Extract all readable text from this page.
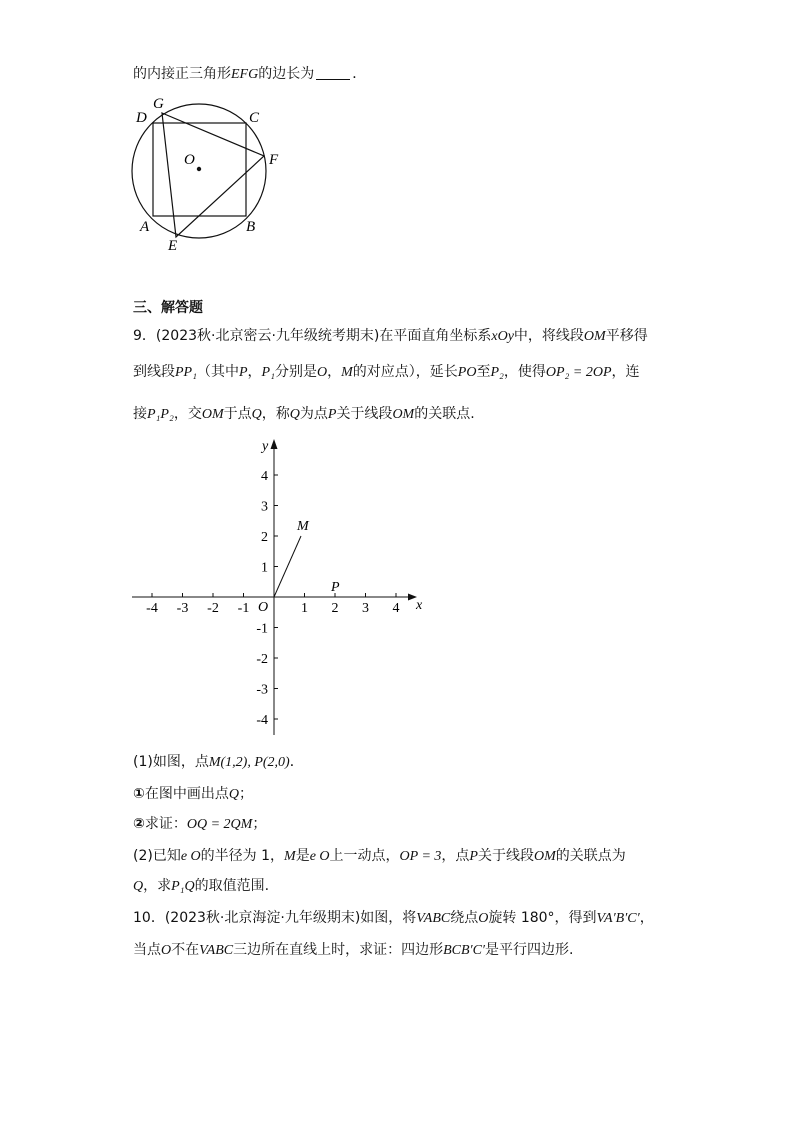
的内接正三角形EFG的边长为	．
G
D	C
F
O
A	B
E
三、解答题
9．(2023秋·北京密云·九年级统考期末)在平面直角坐标系xOy中，将线段OM平移得
到线段PP₁（其中P，P₁分别是O，M的对应点），延长PO至P₂，使得OP₂ = 2OP，连
接P₁P₂，交OM于点Q，称Q为点P关于线段OM的关联点.
-4 -3 -2 -1	1 2 3 4
4
3
2
1
-1
-2
-3
-4
x
y
O
M
P
(1)如图，点M(1,2), P(2,0)．
①在图中画出点Q；
②求证：OQ = 2QM；
(2)已知e O的半径为 1，M是e O上一动点，OP = 3，点P关于线段OM的关联点为
Q，求P₁Q的取值范围.
10．(2023秋·北京海淀·九年级期末)如图，将VABC绕点O旋转 180°，得到VA′B′C′，
当点O不在VABC三边所在直线上时，求证：四边形BCB′C′是平行四边形.
